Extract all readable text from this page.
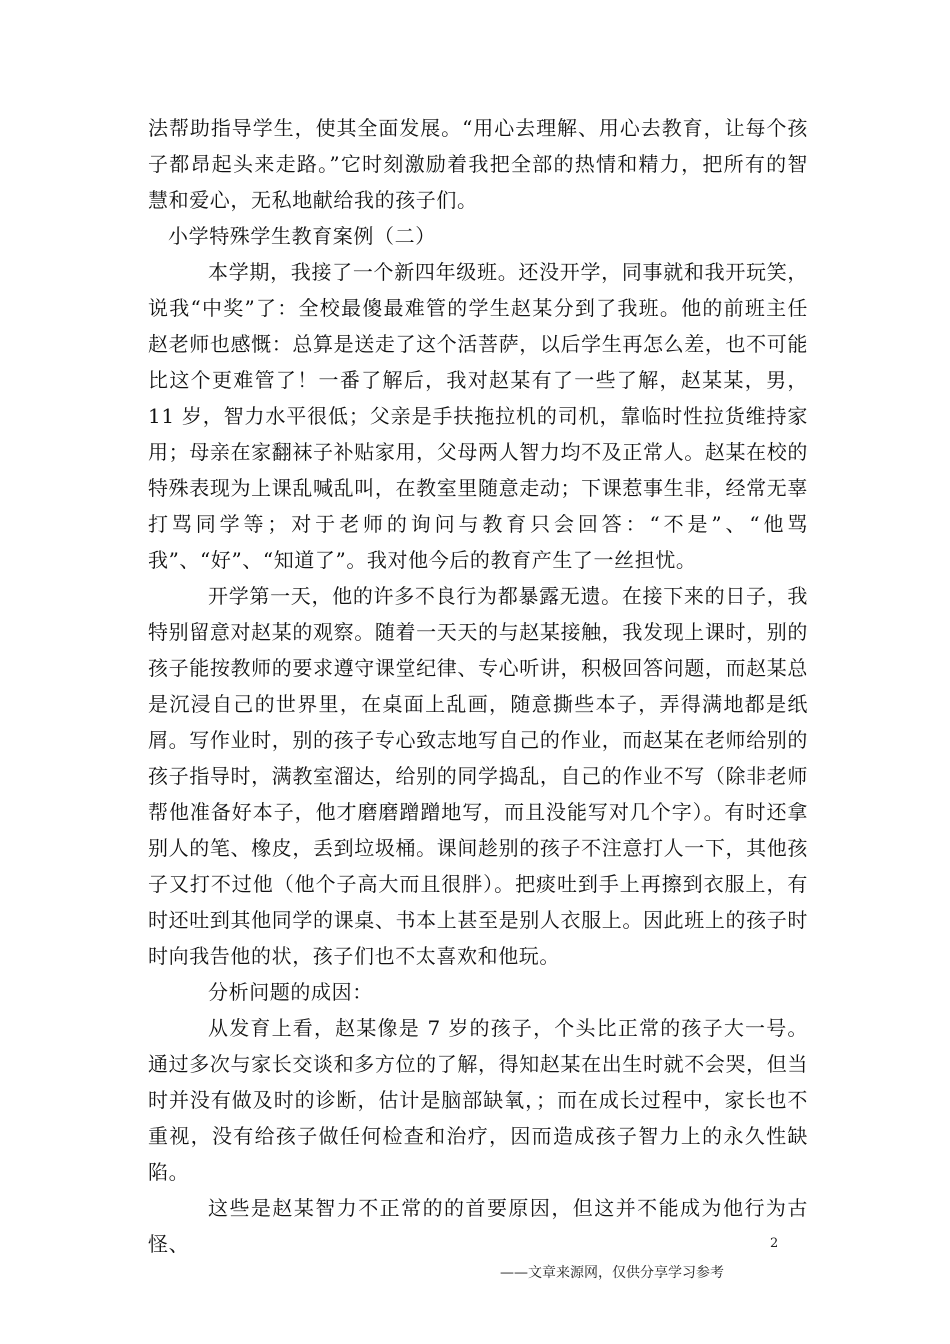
法帮助指导学生，使其全面发展。“用心去理解、用心去教育，让每个孩子都昂起头来走路。”它时刻激励着我把全部的热情和精力，把所有的智慧和爱心，无私地献给我的孩子们。

小学特殊学生教育案例（二）

本学期，我接了一个新四年级班。还没开学，同事就和我开玩笑，说我“中奖”了：全校最傻最难管的学生赵某分到了我班。他的前班主任赵老师也感慨：总算是送走了这个活菩萨，以后学生再怎么差，也不可能比这个更难管了！一番了解后，我对赵某有了一些了解，赵某某，男，11 岁，智力水平很低；父亲是手扶拖拉机的司机，靠临时性拉货维持家用；母亲在家翻袜子补贴家用，父母两人智力均不及正常人。赵某在校的特殊表现为上课乱喊乱叫，在教室里随意走动；下课惹事生非，经常无辜打骂同学等；对于老师的询问与教育只会回答：“不是”、“他骂我”、“好”、“知道了”。我对他今后的教育产生了一丝担忧。

开学第一天，他的许多不良行为都暴露无遗。在接下来的日子，我特别留意对赵某的观察。随着一天天的与赵某接触，我发现上课时，别的孩子能按教师的要求遵守课堂纪律、专心听讲，积极回答问题，而赵某总是沉浸自己的世界里，在桌面上乱画，随意撕些本子，弄得满地都是纸屑。写作业时，别的孩子专心致志地写自己的作业，而赵某在老师给别的孩子指导时，满教室溜达，给别的同学捣乱，自己的作业不写（除非老师帮他准备好本子，他才磨磨蹭蹭地写，而且没能写对几个字）。有时还拿别人的笔、橡皮，丢到垃圾桶。课间趁别的孩子不注意打人一下，其他孩子又打不过他（他个子高大而且很胖）。把痰吐到手上再擦到衣服上，有时还吐到其他同学的课桌、书本上甚至是别人衣服上。因此班上的孩子时时向我告他的状，孩子们也不太喜欢和他玩。

分析问题的成因：

从发育上看，赵某像是 7 岁的孩子，个头比正常的孩子大一号。通过多次与家长交谈和多方位的了解，得知赵某在出生时就不会哭，但当时并没有做及时的诊断，估计是脑部缺氧，；而在成长过程中，家长也不重视，没有给孩子做任何检查和治疗，因而造成孩子智力上的永久性缺陷。

这些是赵某智力不正常的的首要原因，但这并不能成为他行为古怪、	2
——文章来源网，仅供分享学习参考
